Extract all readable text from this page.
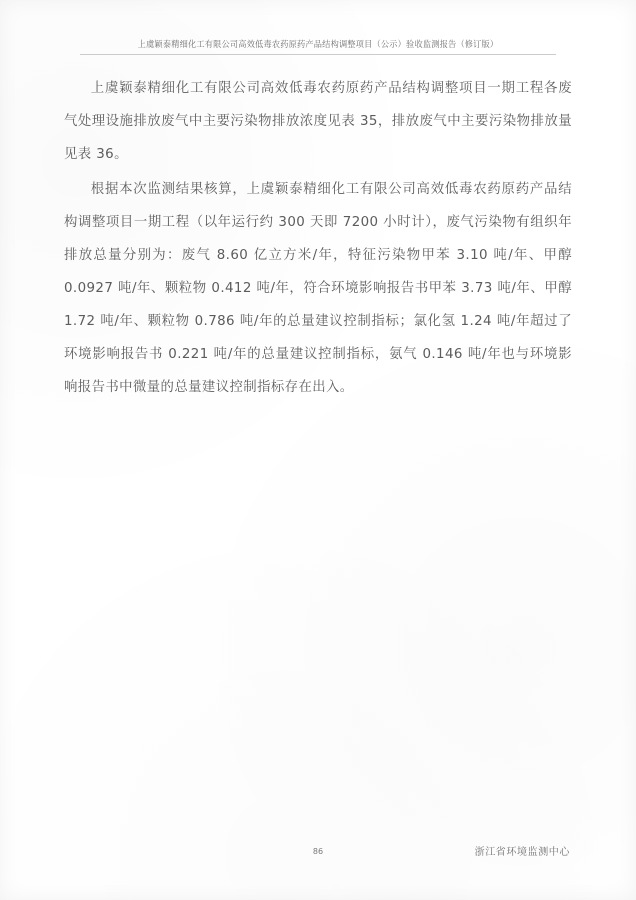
上虞颖泰精细化工有限公司高效低毒农药原药产品结构调整项目（公示）验收监测报告（修订版）

上虞颖泰精细化工有限公司高效低毒农药原药产品结构调整项目一期工程各废气处理设施排放废气中主要污染物排放浓度见表 35，排放废气中主要污染物排放量见表 36。

根据本次监测结果核算，上虞颖泰精细化工有限公司高效低毒农药原药产品结构调整项目一期工程（以年运行约 300 天即 7200 小时计），废气污染物有组织年排放总量分别为：废气 8.60 亿立方米/年，特征污染物甲苯 3.10 吨/年、甲醇 0.0927 吨/年、颗粒物 0.412 吨/年，符合环境影响报告书甲苯 3.73 吨/年、甲醇 1.72 吨/年、颗粒物 0.786 吨/年的总量建议控制指标；氯化氢 1.24 吨/年超过了环境影响报告书 0.221 吨/年的总量建议控制指标，氨气 0.146 吨/年也与环境影响报告书中微量的总量建议控制指标存在出入。

86	浙江省环境监测中心
